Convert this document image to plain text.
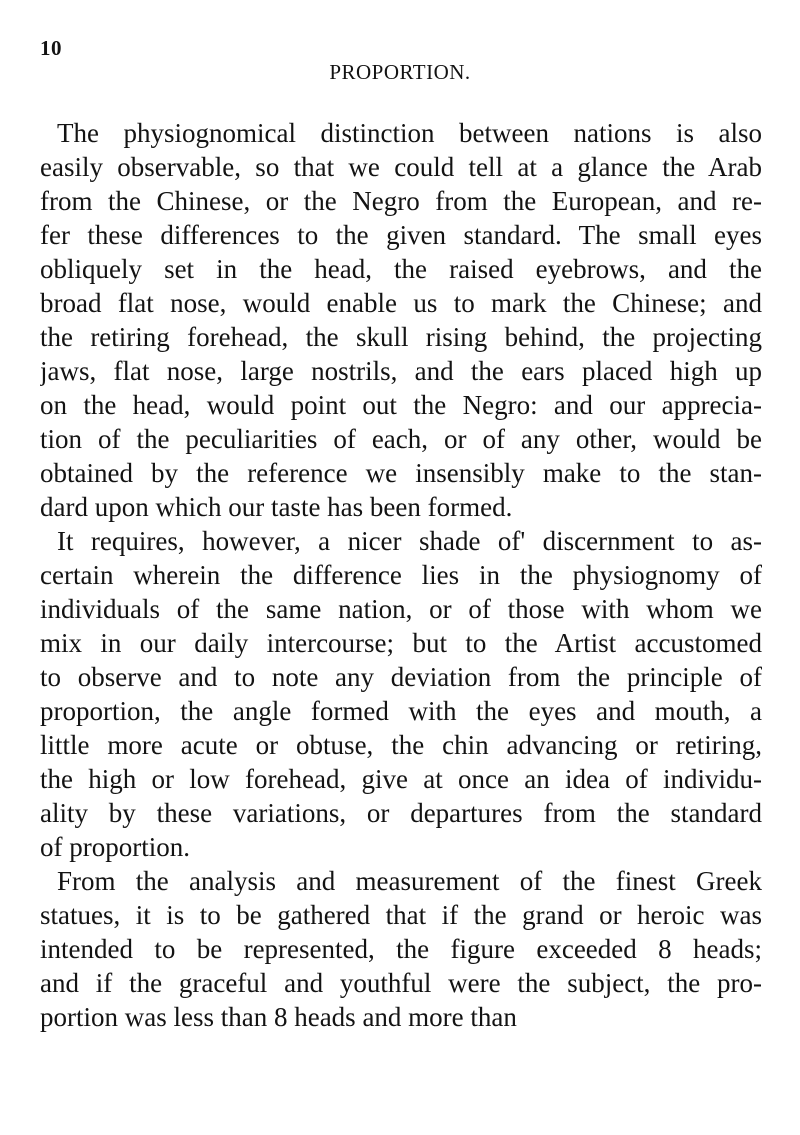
10
PROPORTION.

The physiognomical distinction between nations is also
easily observable, so that we could tell at a glance the Arab
from the Chinese, or the Negro from the European, and re-
fer these differences to the given standard. The small eyes
obliquely set in the head, the raised eyebrows, and the
broad flat nose, would enable us to mark the Chinese; and
the retiring forehead, the skull rising behind, the projecting
jaws, flat nose, large nostrils, and the ears placed high up
on the head, would point out the Negro: and our apprecia-
tion of the peculiarities of each, or of any other, would be
obtained by the reference we insensibly make to the stan-
dard upon which our taste has been formed.

It requires, however, a nicer shade of' discernment to as-
certain wherein the difference lies in the physiognomy of
individuals of the same nation, or of those with whom we
mix in our daily intercourse; but to the Artist accustomed
to observe and to note any deviation from the principle of
proportion, the angle formed with the eyes and mouth, a
little more acute or obtuse, the chin advancing or retiring,
the high or low forehead, give at once an idea of individu-
ality by these variations, or departures from the standard
of proportion.

From the analysis and measurement of the finest Greek
statues, it is to be gathered that if the grand or heroic was
intended to be represented, the figure exceeded 8 heads;
and if the graceful and youthful were the subject, the pro-
portion was less than 8 heads and more than
